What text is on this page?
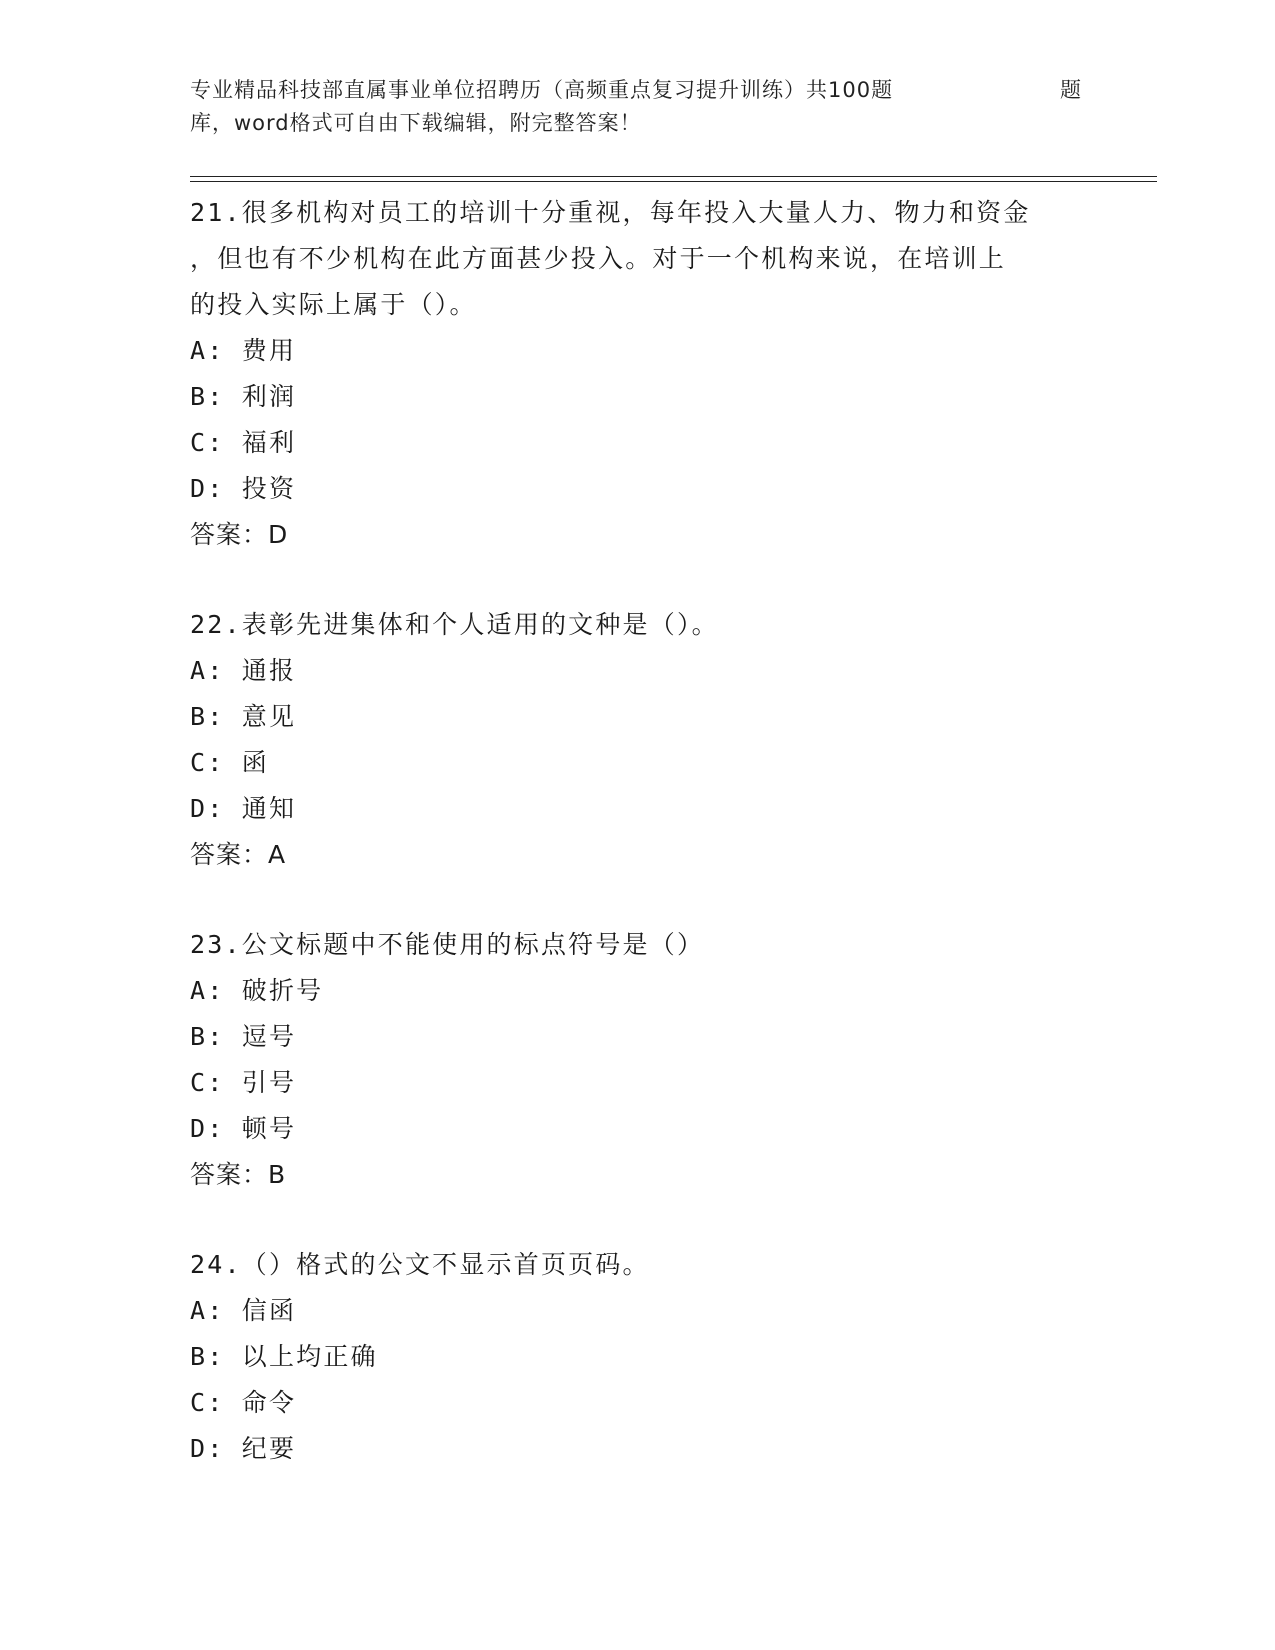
专业精品科技部直属事业单位招聘历（高频重点复习提升训练）共100题	题
库，word格式可自由下载编辑，附完整答案！
21.很多机构对员工的培训十分重视，每年投入大量人力、物力和资金
，但也有不少机构在此方面甚少投入。对于一个机构来说，在培训上
的投入实际上属于（）。
A: 费用
B: 利润
C: 福利
D: 投资
答案：D
22.表彰先进集体和个人适用的文种是（）。
A: 通报
B: 意见
C: 函
D: 通知
答案：A
23.公文标题中不能使用的标点符号是（）
A: 破折号
B: 逗号
C: 引号
D: 顿号
答案：B
24.（）格式的公文不显示首页页码。
A: 信函
B: 以上均正确
C: 命令
D: 纪要
